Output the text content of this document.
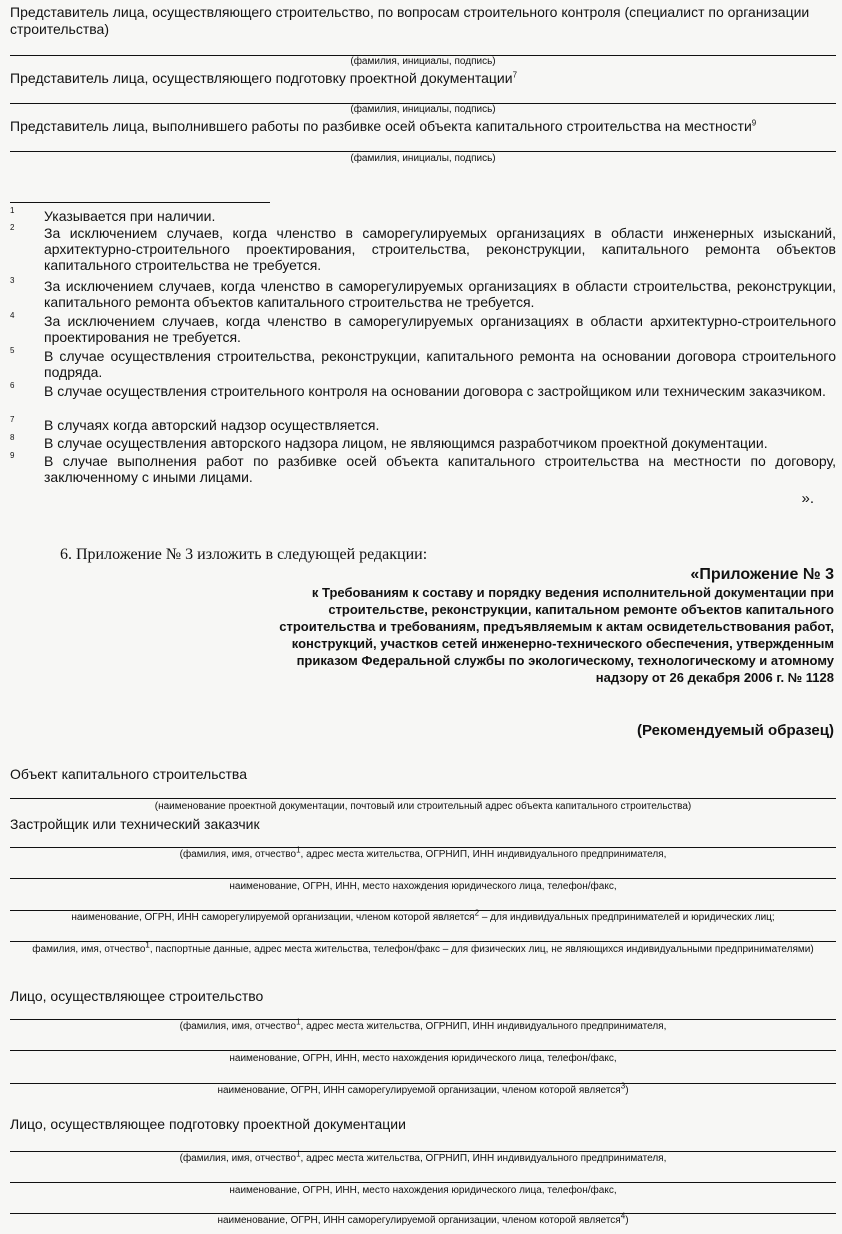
Представитель лица, осуществляющего строительство, по вопросам строительного контроля (специалист по организации строительства)
(фамилия, инициалы, подпись)
Представитель лица, осуществляющего подготовку проектной документации$^7$
(фамилия, инициалы, подпись)
Представитель лица, выполнившего работы по разбивке осей объекта капитального строительства на местности$^9$
(фамилия, инициалы, подпись)
1 Указывается при наличии.
2 За исключением случаев, когда членство в саморегулируемых организациях в области инженерных изысканий, архитектурно-строительного проектирования, строительства, реконструкции, капитального ремонта объектов капитального строительства не требуется.
3 За исключением случаев, когда членство в саморегулируемых организациях в области строительства, реконструкции, капитального ремонта объектов капитального строительства не требуется.
4 За исключением случаев, когда членство в саморегулируемых организациях в области архитектурно-строительного проектирования не требуется.
5 В случае осуществления строительства, реконструкции, капитального ремонта на основании договора строительного подряда.
6 В случае осуществления строительного контроля на основании договора с застройщиком или техническим заказчиком.
7 В случаях когда авторский надзор осуществляется.
8 В случае осуществления авторского надзора лицом, не являющимся разработчиком проектной документации.
9 В случае выполнения работ по разбивке осей объекта капитального строительства на местности по договору, заключенному с иными лицами.
».
6. Приложение № 3 изложить в следующей редакции:
«Приложение № 3
к Требованиям к составу и порядку ведения исполнительной документации при строительстве, реконструкции, капитальном ремонте объектов капитального строительства и требованиям, предъявляемым к актам освидетельствования работ, конструкций, участков сетей инженерно-технического обеспечения, утвержденным приказом Федеральной службы по экологическому, технологическому и атомному надзору от 26 декабря 2006 г. № 1128
(Рекомендуемый образец)
Объект капитального строительства
(наименование проектной документации, почтовый или строительный адрес объекта капитального строительства)
Застройщик или технический заказчик
(фамилия, имя, отчество$^1$, адрес места жительства, ОГРНИП, ИНН индивидуального предпринимателя,
наименование, ОГРН, ИНН, место нахождения юридического лица, телефон/факс,
наименование, ОГРН, ИНН саморегулируемой организации, членом которой является$^2$ – для индивидуальных предпринимателей и юридических лиц;
фамилия, имя, отчество$^1$, паспортные данные, адрес места жительства, телефон/факс – для физических лиц, не являющихся индивидуальными предпринимателями)
Лицо, осуществляющее строительство
(фамилия, имя, отчество$^1$, адрес места жительства, ОГРНИП, ИНН индивидуального предпринимателя,
наименование, ОГРН, ИНН, место нахождения юридического лица, телефон/факс,
наименование, ОГРН, ИНН саморегулируемой организации, членом которой является$^3$)
Лицо, осуществляющее подготовку проектной документации
(фамилия, имя, отчество$^1$, адрес места жительства, ОГРНИП, ИНН индивидуального предпринимателя,
наименование, ОГРН, ИНН, место нахождения юридического лица, телефон/факс,
наименование, ОГРН, ИНН саморегулируемой организации, членом которой является$^4$)
